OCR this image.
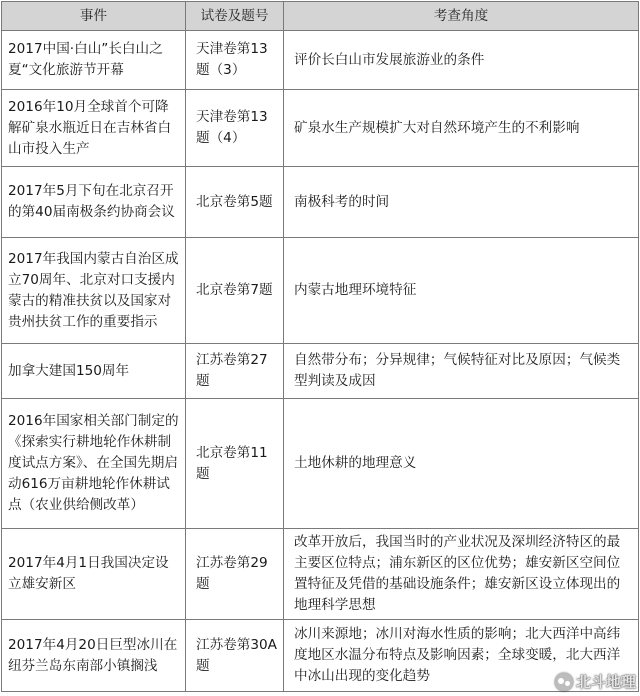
事件	试卷及题号	考查角度
2017中国·白山”长白山之夏“文化旅游节开幕	天津卷第13题（3）	评价长白山市发展旅游业的条件
2016年10月全球首个可降解矿泉水瓶近日在吉林省白山市投入生产	天津卷第13题（4）	矿泉水生产规模扩大对自然环境产生的不利影响
2017年5月下旬在北京召开的第40届南极条约协商会议	北京卷第5题	南极科考的时间
2017年我国内蒙古自治区成立70周年、北京对口支援内蒙古的精准扶贫以及国家对贵州扶贫工作的重要指示	北京卷第7题	内蒙古地理环境特征
加拿大建国150周年	江苏卷第27题	自然带分布；分异规律；气候特征对比及原因；气候类型判读及成因
2016年国家相关部门制定的《探索实行耕地轮作休耕制度试点方案》、在全国先期启动616万亩耕地轮作休耕试点（农业供给侧改革）	北京卷第11题	土地休耕的地理意义
2017年4月1日我国决定设立雄安新区	江苏卷第29题	改革开放后，我国当时的产业状况及深圳经济特区的最主要区位特点；浦东新区的区位优势；雄安新区空间位置特征及凭借的基础设施条件；雄安新区设立体现出的地理科学思想
2017年4月20日巨型冰川在纽芬兰岛东南部小镇搁浅	江苏卷第30A题	冰川来源地；冰川对海水性质的影响；北大西洋中高纬度地区水温分布特点及影响因素；全球变暖，北大西洋中冰山出现的变化趋势	北斗地理
